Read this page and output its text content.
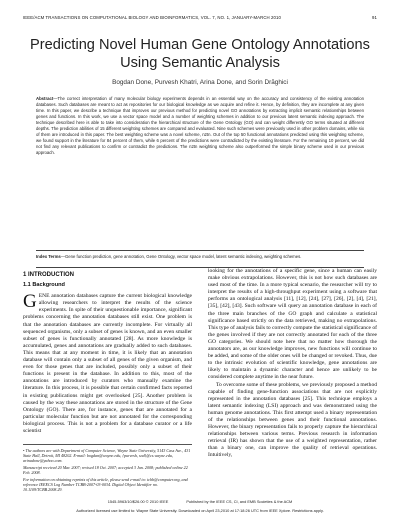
IEEE/ACM TRANSACTIONS ON COMPUTATIONAL BIOLOGY AND BIOINFORMATICS, VOL. 7, NO. 1, JANUARY-MARCH 2010	91
Predicting Novel Human Gene Ontology Annotations Using Semantic Analysis
Bogdan Done, Purvesh Khatri, Arina Done, and Sorin Drăghici
Abstract—The correct interpretation of many molecular biology experiments depends in an essential way on the accuracy and consistency of the existing annotation databases. Such databases are meant to act as repositories for our biological knowledge as we acquire and refine it. Hence, by definition, they are incomplete at any given time. In this paper, we describe a technique that improves our previous method for predicting novel GO annotations by extracting implicit semantic relationships between genes and functions. In this work, we use a vector space model and a number of weighting schemes in addition to our previous latent semantic indexing approach. The technique described here is able to take into consideration the hierarchical structure of the Gene Ontology (GO) and can weight differently GO terms situated at different depths. The prediction abilities of 15 different weighting schemes are compared and evaluated. Nine such schemes were previously used in other problem domains, while six of them are introduced in this paper. The best weighting scheme was a novel scheme, n2tn. Out of the top 50 functional annotations predicted using this weighting scheme, we found support in the literature for 84 percent of them, while 6 percent of the predictions were contradicted by the existing literature. For the remaining 10 percent, we did not find any relevant publications to confirm or contradict the predictions. The n2tn weighting scheme also outperformed the simple binary scheme used in our previous approach.
Index Terms—Gene function prediction, gene annotation, Gene Ontology, vector space model, latent semantic indexing, weighting schemes.
1 INTRODUCTION
1.1 Background

GENE annotation databases capture the current biological knowledge allowing researchers to interpret the results of the science experiments. In spite of their unquestionable importance, significant problems concerning the annotation databases still exist. One problem is that the annotation databases are currently incomplete. For virtually all sequenced organisms, only a subset of genes is known, and an even smaller subset of genes is functionally annotated [28]. As more knowledge is accumulated, genes and annotations are gradually added to such databases. This means that at any moment in time, it is likely that an annotation database will contain only a subset of all genes of the given organism, and even for those genes that are included, possibly only a subset of their functions is present in the database. In addition to this, most of the annotations are introduced by curators who manually examine the literature. In this process, it is possible that certain confirmed facts reported in existing publications might get overlooked [25]. Another problem is caused by the way these annotations are stored in the structure of the Gene Ontology (GO). There are, for instance, genes that are annotated for a particular molecular function but are not annotated for the corresponding biological process. This is not a problem for a database curator or a life scientist

looking for the annotations of a specific gene, since a human can easily make obvious extrapolations. However, this is not how such databases are used most of the time. In a more typical scenario, the researcher will try to interpret the results of a high-throughput experiment using a software that performs an ontological analysis [11], [12], [24], [27], [26], [2], [4], [21], [35], [42], [43]. Such software will query an annotation database in each of the three main branches of the GO graph and calculate a statistical significance based strictly on the data retrieved, making no extrapolations. This type of analysis fails to correctly compute the statistical significance of the genes involved if they are not correctly annotated for each of the three GO categories. We should note here that no matter how thorough the annotators are, as our knowledge improves, new functions will continue to be added, and some of the older ones will be changed or revoked. Thus, due to the intrinsic evolution of scientific knowledge, gene annotations are likely to maintain a dynamic character and hence are unlikely to be considered complete anytime in the near future.

To overcome some of these problems, we previously proposed a method capable of finding gene-function associations that are not explicitly represented in the annotation databases [25]. This technique employs a latent semantic indexing (LSI) approach and was demonstrated using the human genome annotations. This first attempt used a binary representation of the relationships between genes and their functional annotations. However, the binary representation fails to properly capture the hierarchical relationships between various terms. Previous research in information retrieval (IR) has shown that the use of a weighted representation, rather than a binary one, can improve the quality of retrieval operations. Intuitively,

• The authors are with Department of Computer Science, Wayne State University, 5143 Cass Ave., 431 State Hall, Detroit, MI 48202. E-mail: bogdan@wayne.edu, {purvesh, sod}@cs.wayne.edu, arinadone@yahoo.com.
Manuscript received 20 Mar. 2007; revised 18 Oct. 2007; accepted 3 Jan. 2008; published online 22 Feb. 2008.
For information on obtaining reprints of this article, please send e-mail to: tcbb@computer.org, and reference IEEECS Log Number TCBB-2007-03-0034. Digital Object Identifier no. 10.1109/TCBB.2008.29.
1545-5963/10/$26.00 © 2010 IEEE	Published by the IEEE CS, CI, and EMB Societies & the ACM
Authorized licensed use limited to: Wayne State University. Downloaded on April 23,2010 at 17:18:26 UTC from IEEE Xplore. Restrictions apply.
